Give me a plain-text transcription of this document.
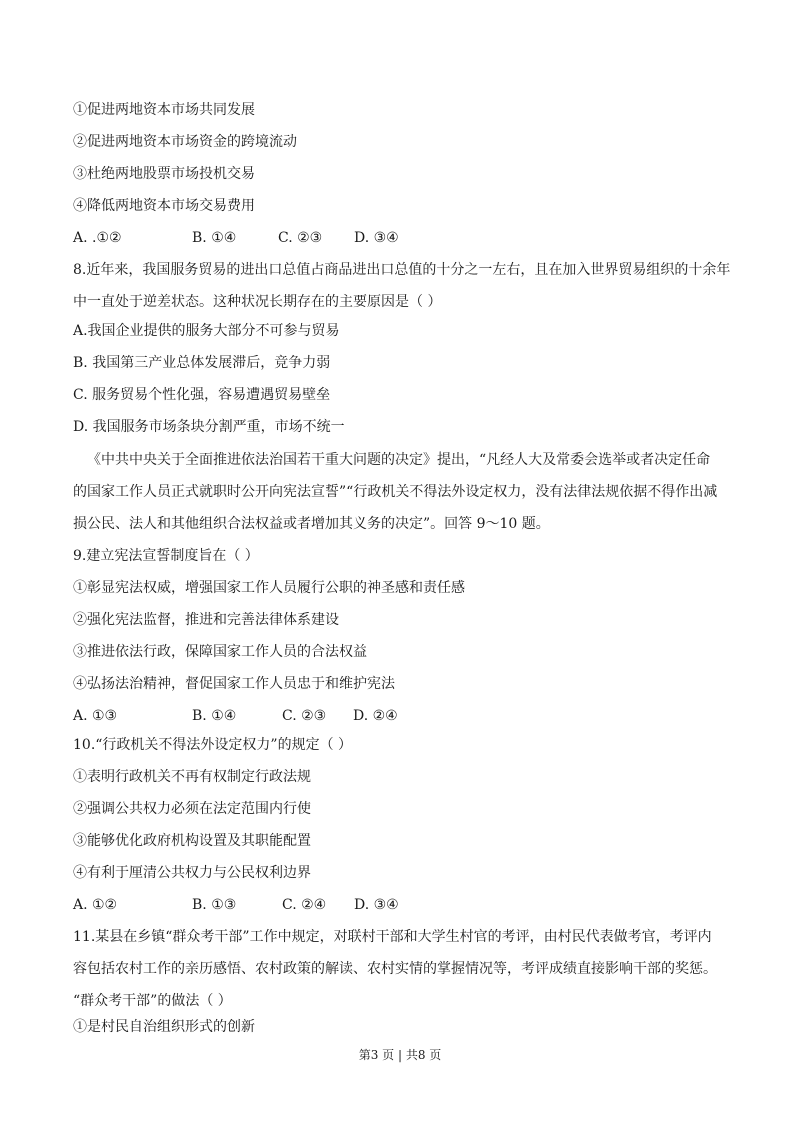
①促进两地资本市场共同发展
②促进两地资本市场资金的跨境流动
③杜绝两地股票市场投机交易
④降低两地资本市场交易费用
A. .①②	B. ①④	C. ②③ D. ③④
8.近年来，我国服务贸易的进出口总值占商品进出口总值的十分之一左右，且在加入世界贸易组织的十余年
中一直处于逆差状态。这种状况长期存在的主要原因是（ ）
A.我国企业提供的服务大部分不可参与贸易
B. 我国第三产业总体发展滞后，竞争力弱
C. 服务贸易个性化强，容易遭遇贸易壁垒
D. 我国服务市场条块分割严重，市场不统一
《中共中央关于全面推进依法治国若干重大问题的决定》提出，“凡经人大及常委会选举或者决定任命
的国家工作人员正式就职时公开向宪法宣誓”“行政机关不得法外设定权力，没有法律法规依据不得作出减
损公民、法人和其他组织合法权益或者增加其义务的决定”。回答 9～10 题。
9.建立宪法宣誓制度旨在（ ）
①彰显宪法权威，增强国家工作人员履行公职的神圣感和责任感
②强化宪法监督，推进和完善法律体系建设
③推进依法行政，保障国家工作人员的合法权益
④弘扬法治精神，督促国家工作人员忠于和维护宪法
A. ①③	B. ①④	C. ②③ D. ②④
10.“行政机关不得法外设定权力”的规定（ ）
①表明行政机关不再有权制定行政法规
②强调公共权力必须在法定范围内行使
③能够优化政府机构设置及其职能配置
④有利于厘清公共权力与公民权利边界
A. ①②	B. ①③	C. ②④ D. ③④
11.某县在乡镇“群众考干部”工作中规定，对联村干部和大学生村官的考评，由村民代表做考官，考评内
容包括农村工作的亲历感悟、农村政策的解读、农村实情的掌握情况等，考评成绩直接影响干部的奖惩。
“群众考干部”的做法（ ）
①是村民自治组织形式的创新
第3 页 | 共8 页
